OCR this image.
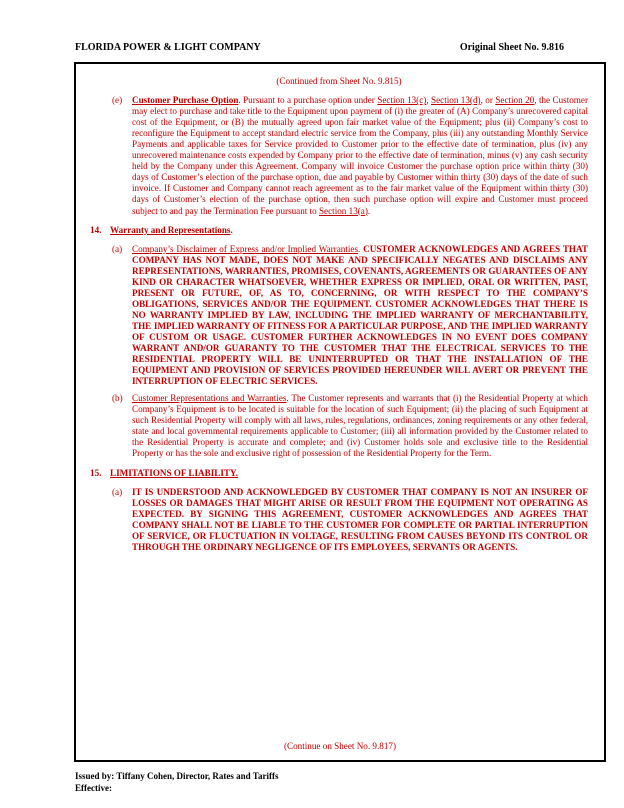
FLORIDA POWER & LIGHT COMPANY	Original Sheet No. 9.816
(Continued from Sheet No. 9.815)
(e) Customer Purchase Option. Pursuant to a purchase option under Section 13(c), Section 13(d), or Section 20, the Customer may elect to purchase and take title to the Equipment upon payment of (i) the greater of (A) Company’s unrecovered capital cost of the Equipment, or (B) the mutually agreed upon fair market value of the Equipment; plus (ii) Company’s cost to reconfigure the Equipment to accept standard electric service from the Company, plus (iii) any outstanding Monthly Service Payments and applicable taxes for Service provided to Customer prior to the effective date of termination, plus (iv) any unrecovered maintenance costs expended by Company prior to the effective date of termination, minus (v) any cash security held by the Company under this Agreement. Company will invoice Customer the purchase option price within thirty (30) days of Customer’s election of the purchase option, due and payable by Customer within thirty (30) days of the date of such invoice. If Customer and Company cannot reach agreement as to the fair market value of the Equipment within thirty (30) days of Customer’s election of the purchase option, then such purchase option will expire and Customer must proceed subject to and pay the Termination Fee pursuant to Section 13(a).
14. Warranty and Representations.
(a) Company’s Disclaimer of Express and/or Implied Warranties. CUSTOMER ACKNOWLEDGES AND AGREES THAT COMPANY HAS NOT MADE, DOES NOT MAKE AND SPECIFICALLY NEGATES AND DISCLAIMS ANY REPRESENTATIONS, WARRANTIES, PROMISES, COVENANTS, AGREEMENTS OR GUARANTEES OF ANY KIND OR CHARACTER WHATSOEVER, WHETHER EXPRESS OR IMPLIED, ORAL OR WRITTEN, PAST, PRESENT OR FUTURE, OF, AS TO, CONCERNING, OR WITH RESPECT TO THE COMPANY’S OBLIGATIONS, SERVICES AND/OR THE EQUIPMENT. CUSTOMER ACKNOWLEDGES THAT THERE IS NO WARRANTY IMPLIED BY LAW, INCLUDING THE IMPLIED WARRANTY OF MERCHANTABILITY, THE IMPLIED WARRANTY OF FITNESS FOR A PARTICULAR PURPOSE, AND THE IMPLIED WARRANTY OF CUSTOM OR USAGE. CUSTOMER FURTHER ACKNOWLEDGES IN NO EVENT DOES COMPANY WARRANT AND/OR GUARANTY TO THE CUSTOMER THAT THE ELECTRICAL SERVICES TO THE RESIDENTIAL PROPERTY WILL BE UNINTERRUPTED OR THAT THE INSTALLATION OF THE EQUIPMENT AND PROVISION OF SERVICES PROVIDED HEREUNDER WILL AVERT OR PREVENT THE INTERRUPTION OF ELECTRIC SERVICES.
(b) Customer Representations and Warranties. The Customer represents and warrants that (i) the Residential Property at which Company’s Equipment is to be located is suitable for the location of such Equipment; (ii) the placing of such Equipment at such Residential Property will comply with all laws, rules, regulations, ordinances, zoning requirements or any other federal, state and local governmental requirements applicable to Customer; (iii) all information provided by the Customer related to the Residential Property is accurate and complete; and (iv) Customer holds sole and exclusive title to the Residential Property or has the sole and exclusive right of possession of the Residential Property for the Term.
15. LIMITATIONS OF LIABILITY.
(a) IT IS UNDERSTOOD AND ACKNOWLEDGED BY CUSTOMER THAT COMPANY IS NOT AN INSURER OF LOSSES OR DAMAGES THAT MIGHT ARISE OR RESULT FROM THE EQUIPMENT NOT OPERATING AS EXPECTED. BY SIGNING THIS AGREEMENT, CUSTOMER ACKNOWLEDGES AND AGREES THAT COMPANY SHALL NOT BE LIABLE TO THE CUSTOMER FOR COMPLETE OR PARTIAL INTERRUPTION OF SERVICE, OR FLUCTUATION IN VOLTAGE, RESULTING FROM CAUSES BEYOND ITS CONTROL OR THROUGH THE ORDINARY NEGLIGENCE OF ITS EMPLOYEES, SERVANTS OR AGENTS.
(Continue on Sheet No. 9.817)
Issued by: Tiffany Cohen, Director, Rates and Tariffs
Effective:
